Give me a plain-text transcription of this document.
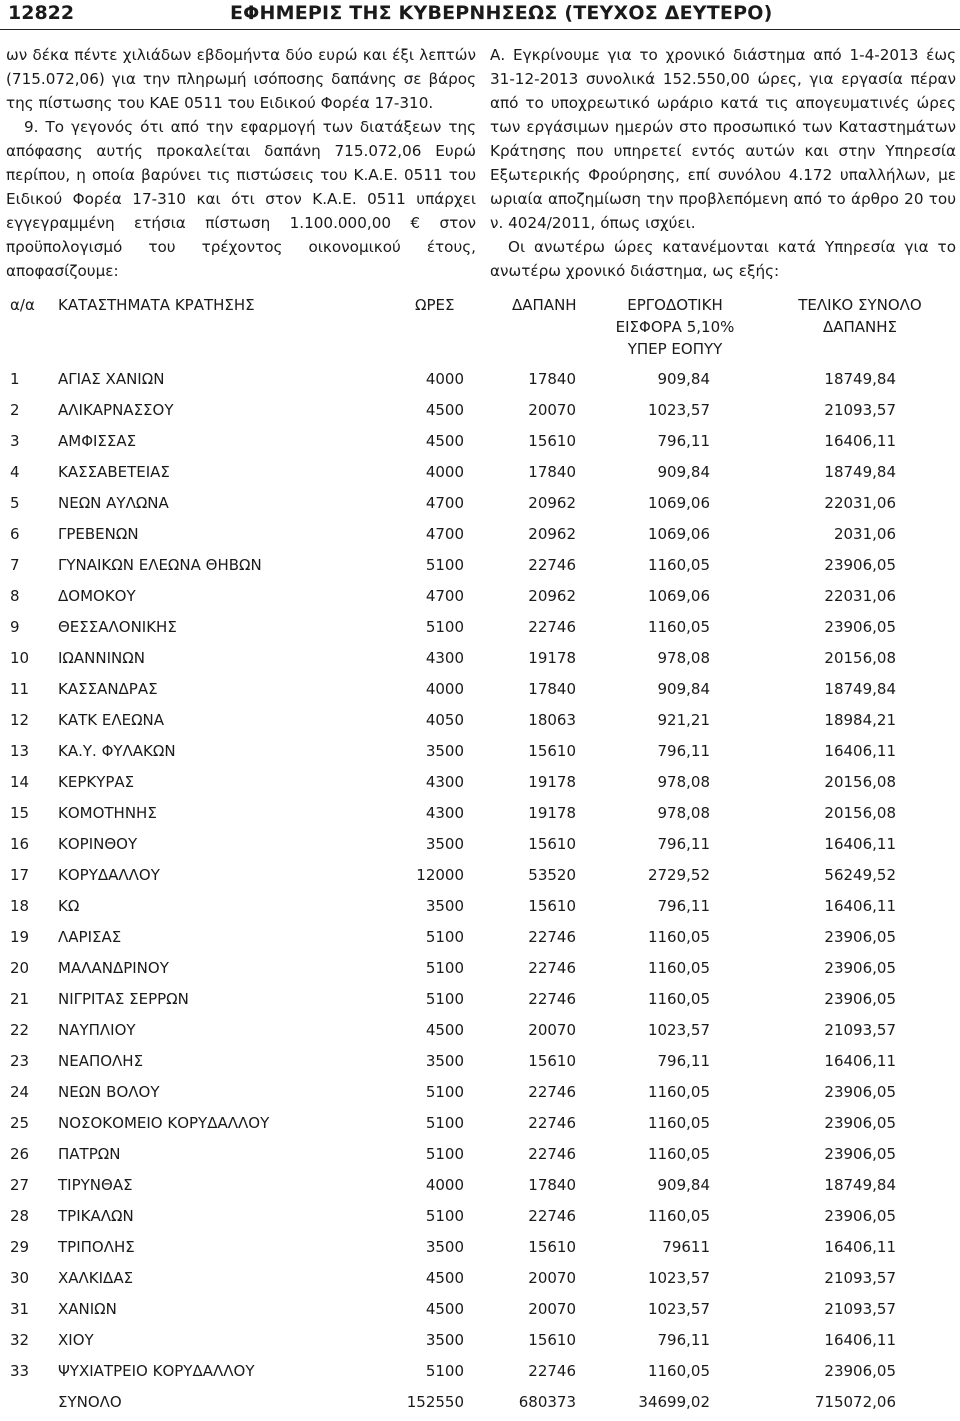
12822	ΕΦΗΜΕΡΙΣ ΤΗΣ ΚΥΒΕΡΝΗΣΕΩΣ (ΤΕΥΧΟΣ ΔΕΥΤΕΡΟ)

ων δέκα πέντε χιλιάδων εβδομήντα δύο ευρώ και έξι λεπτών (715.072,06) για την πληρωμή ισόποσης δαπάνης σε βάρος της πίστωσης του ΚΑΕ 0511 του Ειδικού Φορέα 17-310.

9. Το γεγονός ότι από την εφαρμογή των διατάξεων της απόφασης αυτής προκαλείται δαπάνη 715.072,06 Ευρώ περίπου, η οποία βαρύνει τις πιστώσεις του Κ.Α.Ε. 0511 του Ειδικού Φορέα 17-310 και ότι στον Κ.Α.Ε. 0511 υπάρχει εγγεγραμμένη ετήσια πίστωση 1.100.000,00 € στον προϋπολογισμό του τρέχοντος οικονομικού έτους, αποφασίζουμε:

Α. Εγκρίνουμε για το χρονικό διάστημα από 1-4-2013 έως 31-12-2013 συνολικά 152.550,00 ώρες, για εργασία πέραν από το υποχρεωτικό ωράριο κατά τις απογευματινές ώρες των εργάσιμων ημερών στο προσωπικό των Καταστημάτων Κράτησης που υπηρετεί εντός αυτών και στην Υπηρεσία Εξωτερικής Φρούρησης, επί συνόλου 4.172 υπαλλήλων, με ωριαία αποζημίωση την προβλεπόμενη από το άρθρο 20 του ν. 4024/2011, όπως ισχύει.

Οι ανωτέρω ώρες κατανέμονται κατά Υπηρεσία για το ανωτέρω χρονικό διάστημα, ως εξής:

α/α ΚΑΤΑΣΤΗΜΑΤΑ ΚΡΑΤΗΣΗΣ	ΩΡΕΣ	ΔΑΠΑΝΗ	ΕΡΓΟΔΟΤΙΚΗ
ΕΙΣΦΟΡΑ 5,10%
ΥΠΕΡ ΕΟΠΥΥ
ΤΕΛΙΚΟ ΣΥΝΟΛΟ
ΔΑΠΑΝΗΣ
1	ΑΓΙΑΣ ΧΑΝΙΩΝ	4000	17840	909,84	18749,84
2	ΑΛΙΚΑΡΝΑΣΣΟΥ	4500	20070	1023,57	21093,57
3	ΑΜΦΙΣΣΑΣ	4500	15610	796,11	16406,11
4	ΚΑΣΣΑΒΕΤΕΙΑΣ	4000	17840	909,84	18749,84
5	ΝΕΩΝ ΑΥΛΩΝΑ	4700	20962	1069,06	22031,06
6	ΓΡΕΒΕΝΩΝ	4700	20962	1069,06	2031,06
7	ΓΥΝΑΙΚΩΝ ΕΛΕΩΝΑ ΘΗΒΩΝ	5100	22746	1160,05	23906,05
8	ΔΟΜΟΚΟΥ	4700	20962	1069,06	22031,06
9	ΘΕΣΣΑΛΟΝΙΚΗΣ	5100	22746	1160,05	23906,05
10 ΙΩΑΝΝΙΝΩΝ	4300	19178	978,08	20156,08
11 ΚΑΣΣΑΝΔΡΑΣ	4000	17840	909,84	18749,84
12 ΚΑΤΚ ΕΛΕΩΝΑ	4050	18063	921,21	18984,21
13 ΚΑ.Υ. ΦΥΛΑΚΩΝ	3500	15610	796,11	16406,11
14 ΚΕΡΚΥΡΑΣ	4300	19178	978,08	20156,08
15 ΚΟΜΟΤΗΝΗΣ	4300	19178	978,08	20156,08
16 ΚΟΡΙΝΘΟΥ	3500	15610	796,11	16406,11
17 ΚΟΡΥΔΑΛΛΟΥ	12000	53520	2729,52	56249,52
18 ΚΩ	3500	15610	796,11	16406,11
19 ΛΑΡΙΣΑΣ	5100	22746	1160,05	23906,05
20 ΜΑΛΑΝΔΡΙΝΟΥ	5100	22746	1160,05	23906,05
21 ΝΙΓΡΙΤΑΣ ΣΕΡΡΩΝ	5100	22746	1160,05	23906,05
22 ΝΑΥΠΛΙΟΥ	4500	20070	1023,57	21093,57
23 ΝΕΑΠΟΛΗΣ	3500	15610	796,11	16406,11
24 ΝΕΩΝ ΒΟΛΟΥ	5100	22746	1160,05	23906,05
25 ΝΟΣΟΚΟΜΕΙΟ ΚΟΡΥΔΑΛΛΟΥ	5100	22746	1160,05	23906,05
26 ΠΑΤΡΩΝ	5100	22746	1160,05	23906,05
27 ΤΙΡΥΝΘΑΣ	4000	17840	909,84	18749,84
28 ΤΡΙΚΑΛΩΝ	5100	22746	1160,05	23906,05
29 ΤΡΙΠΟΛΗΣ	3500	15610	79611	16406,11
30 ΧΑΛΚΙΔΑΣ	4500	20070	1023,57	21093,57
31 ΧΑΝΙΩΝ	4500	20070	1023,57	21093,57
32 ΧΙΟΥ	3500	15610	796,11	16406,11
33 ΨΥΧΙΑΤΡΕΙΟ ΚΟΡΥΔΑΛΛΟΥ	5100	22746	1160,05	23906,05
ΣΥΝΟΛΟ	152550	680373	34699,02	715072,06
